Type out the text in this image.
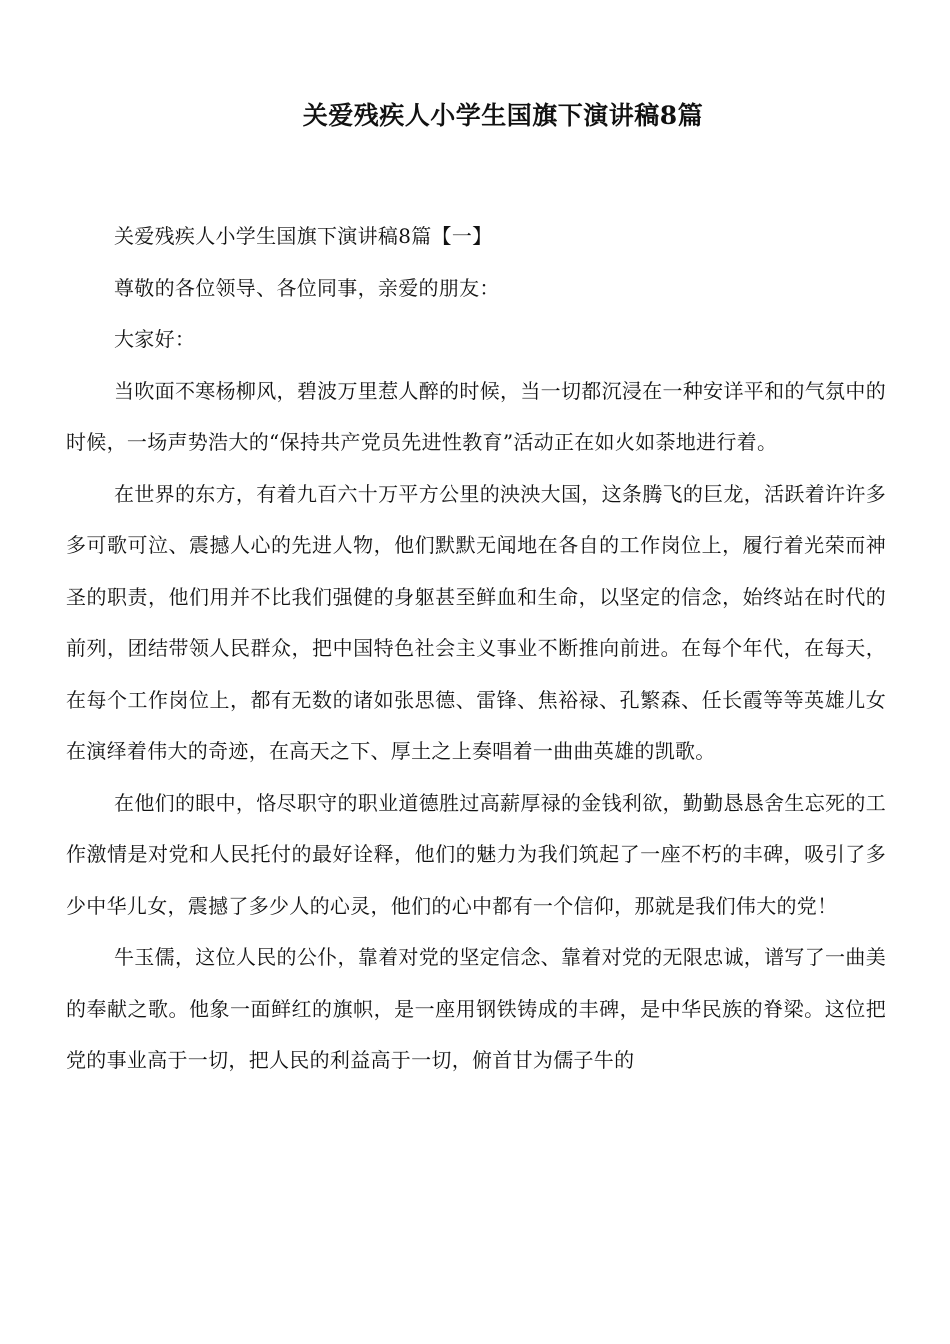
关爱残疾人小学生国旗下演讲稿8篇

关爱残疾人小学生国旗下演讲稿8篇【一】

尊敬的各位领导、各位同事，亲爱的朋友：

大家好：

当吹面不寒杨柳风，碧波万里惹人醉的时候，当一切都沉浸在一种安详平和的气氛中的时候，一场声势浩大的“保持共产党员先进性教育”活动正在如火如荼地进行着。

在世界的东方，有着九百六十万平方公里的泱泱大国，这条腾飞的巨龙，活跃着许许多多可歌可泣、震撼人心的先进人物，他们默默无闻地在各自的工作岗位上，履行着光荣而神圣的职责，他们用并不比我们强健的身躯甚至鲜血和生命，以坚定的信念，始终站在时代的前列，团结带领人民群众，把中国特色社会主义事业不断推向前进。在每个年代，在每天，在每个工作岗位上，都有无数的诸如张思德、雷锋、焦裕禄、孔繁森、任长霞等等英雄儿女在演绎着伟大的奇迹，在高天之下、厚土之上奏唱着一曲曲英雄的凯歌。

在他们的眼中，恪尽职守的职业道德胜过高薪厚禄的金钱利欲，勤勤恳恳舍生忘死的工作激情是对党和人民托付的最好诠释，他们的魅力为我们筑起了一座不朽的丰碑，吸引了多少中华儿女，震撼了多少人的心灵，他们的心中都有一个信仰，那就是我们伟大的党！

牛玉儒，这位人民的公仆，靠着对党的坚定信念、靠着对党的无限忠诚，谱写了一曲美的奉献之歌。他象一面鲜红的旗帜，是一座用钢铁铸成的丰碑，是中华民族的脊梁。这位把党的事业高于一切，把人民的利益高于一切，俯首甘为儒子牛的
